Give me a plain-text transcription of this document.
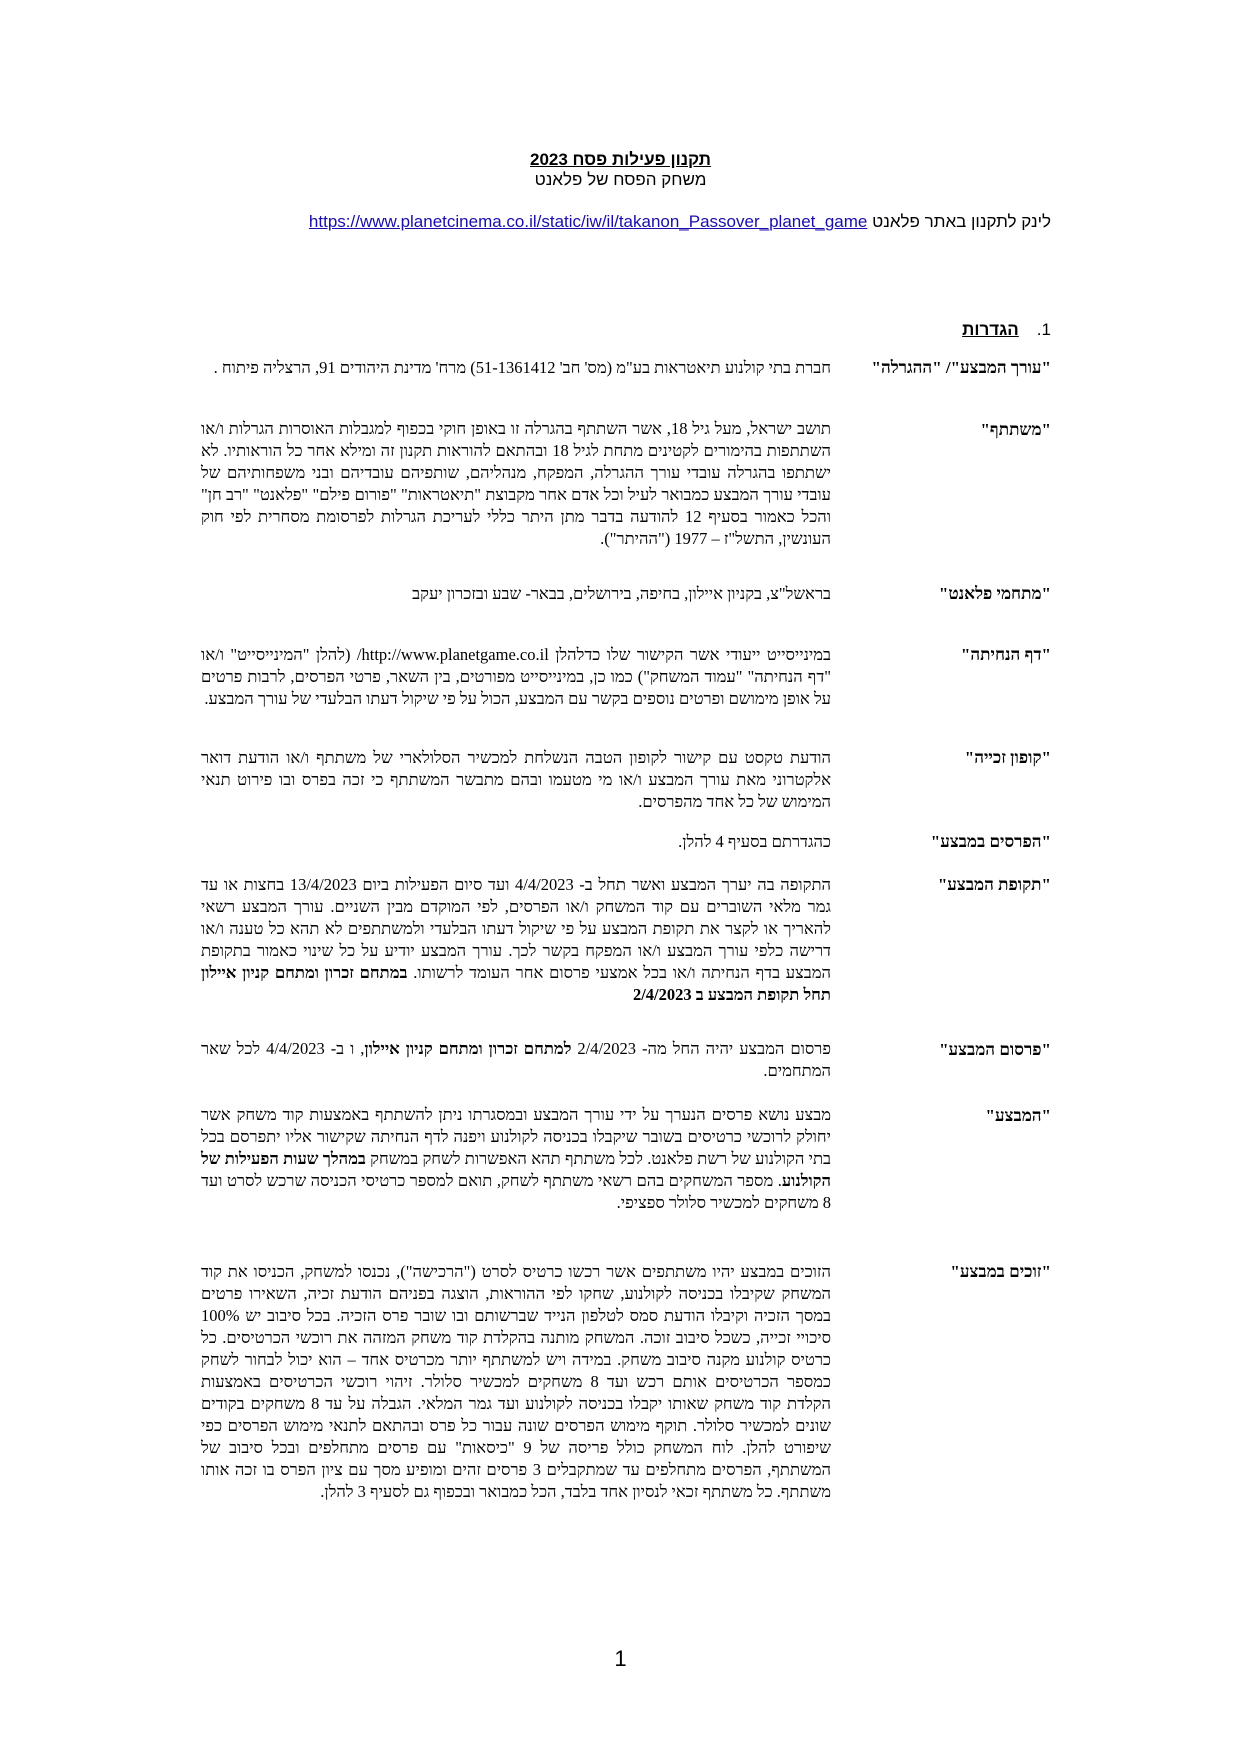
תקנון פעילות פסח 2023
משחק הפסח של פלאנט
לינק לתקנון באתר פלאנט https://www.planetcinema.co.il/static/iw/il/takanon_Passover_planet_game
1.הגדרות
"עורך המבצע"/ "ההגרלה"
חברת בתי קולנוע תיאטראות בע"מ (מס' חב' 51-1361412) מרח' מדינת היהודים 91, הרצליה פיתוח .
"משתתף"
תושב ישראל, מעל גיל 18, אשר השתתף בהגרלה זו באופן חוקי בכפוף למגבלות האוסרות הגרלות ו/או השתתפות בהימורים לקטינים מתחת לגיל 18 ובהתאם להוראות תקנון זה ומילא אחר כל הוראותיו. לא ישתתפו בהגרלה עובדי עורך ההגרלה, המפקח, מנהליהם, שותפיהם עובדיהם ובני משפחותיהם של עובדי עורך המבצע כמבואר לעיל וכל אדם אחר מקבוצת "תיאטראות" "פורום פילם" "פלאנט" "רב חן" והכל כאמור בסעיף 12 להודעה בדבר מתן היתר כללי לעריכת הגרלות לפרסומת מסחרית לפי חוק העונשין, התשל"ז – 1977 ("ההיתר").
"מתחמי פלאנט"
בראשל"צ, בקניון איילון, בחיפה, בירושלים, בבאר- שבע ובזכרון יעקב
"דף הנחיתה"
במינייסייט ייעודי אשר הקישור שלו כדלהלן http://www.planetgame.co.il/ (להלן "המינייסייט" ו/או "דף הנחיתה" "עמוד המשחק") כמו כן, במינייסייט מפורטים, בין השאר, פרטי הפרסים, לרבות פרטים על אופן מימושם ופרטים נוספים בקשר עם המבצע, הכול על פי שיקול דעתו הבלעדי של עורך המבצע.
"קופון זכייה"
הודעת טקסט עם קישור לקופון הטבה הנשלחת למכשיר הסלולארי של משתתף ו/או הודעת דואר אלקטרוני מאת עורך המבצע ו/או מי מטעמו ובהם מתבשר המשתתף כי זכה בפרס ובו פירוט תנאי המימוש של כל אחד מהפרסים.
"הפרסים במבצע"
כהגדרתם בסעיף 4 להלן.
"תקופת המבצע"
התקופה בה יערך המבצע ואשר תחל ב- 4/4/2023 ועד סיום הפעילות ביום 13/4/2023 בחצות או עד גמר מלאי השוברים עם קוד המשחק ו/או הפרסים, לפי המוקדם מבין השניים. עורך המבצע רשאי להאריך או לקצר את תקופת המבצע על פי שיקול דעתו הבלעדי ולמשתתפים לא תהא כל טענה ו/או דרישה כלפי עורך המבצע ו/או המפקח בקשר לכך. עורך המבצע יודיע על כל שינוי כאמור בתקופת המבצע בדף הנחיתה ו/או בכל אמצעי פרסום אחר העומד לרשותו. במתחם זכרון ומתחם קניון איילון תחל תקופת המבצע ב 2/4/2023
"פרסום המבצע"
פרסום המבצע יהיה החל מה- 2/4/2023 למתחם זכרון ומתחם קניון איילון, ו ב- 4/4/2023 לכל שאר המתחמים.
"המבצע"
מבצע נושא פרסים הנערך על ידי עורך המבצע ובמסגרתו ניתן להשתתף באמצעות קוד משחק אשר יחולק לרוכשי כרטיסים בשובר שיקבלו בכניסה לקולנוע ויפנה לדף הנחיתה שקישור אליו יתפרסם בכל בתי הקולנוע של רשת פלאנט. לכל משתתף תהא האפשרות לשחק במשחק במהלך שעות הפעילות של הקולנוע. מספר המשחקים בהם רשאי משתתף לשחק, תואם למספר כרטיסי הכניסה שרכש לסרט ועד 8 משחקים למכשיר סלולר ספציפי.
"זוכים במבצע"
הזוכים במבצע יהיו משתתפים אשר רכשו כרטיס לסרט ("הרכישה"), נכנסו למשחק, הכניסו את קוד המשחק שקיבלו בכניסה לקולנוע, שחקו לפי ההוראות, הוצגה בפניהם הודעת זכיה, השאירו פרטים במסך הזכיה וקיבלו הודעת סמס לטלפון הנייד שברשותם ובו שובר פרס הזכיה. בכל סיבוב יש 100% סיכויי זכייה, כשכל סיבוב זוכה. המשחק מותנה בהקלדת קוד משחק המזהה את רוכשי הכרטיסים. כל כרטיס קולנוע מקנה סיבוב משחק. במידה ויש למשתתף יותר מכרטיס אחד – הוא יכול לבחור לשחק כמספר הכרטיסים אותם רכש ועד 8 משחקים למכשיר סלולר. זיהוי רוכשי הכרטיסים באמצעות הקלדת קוד משחק שאותו יקבלו בכניסה לקולנוע ועד גמר המלאי. הגבלה על עד 8 משחקים בקודים שונים למכשיר סלולר. תוקף מימוש הפרסים שונה עבור כל פרס ובהתאם לתנאי מימוש הפרסים כפי שיפורט להלן. לוח המשחק כולל פריסה של 9 "כיסאות" עם פרסים מתחלפים ובכל סיבוב של המשתתף, הפרסים מתחלפים עד שמתקבלים 3 פרסים זהים ומופיע מסך עם ציון הפרס בו זכה אותו משתתף. כל משתתף זכאי לנסיון אחד בלבד, הכל כמבואר ובכפוף גם לסעיף 3 להלן.
1
